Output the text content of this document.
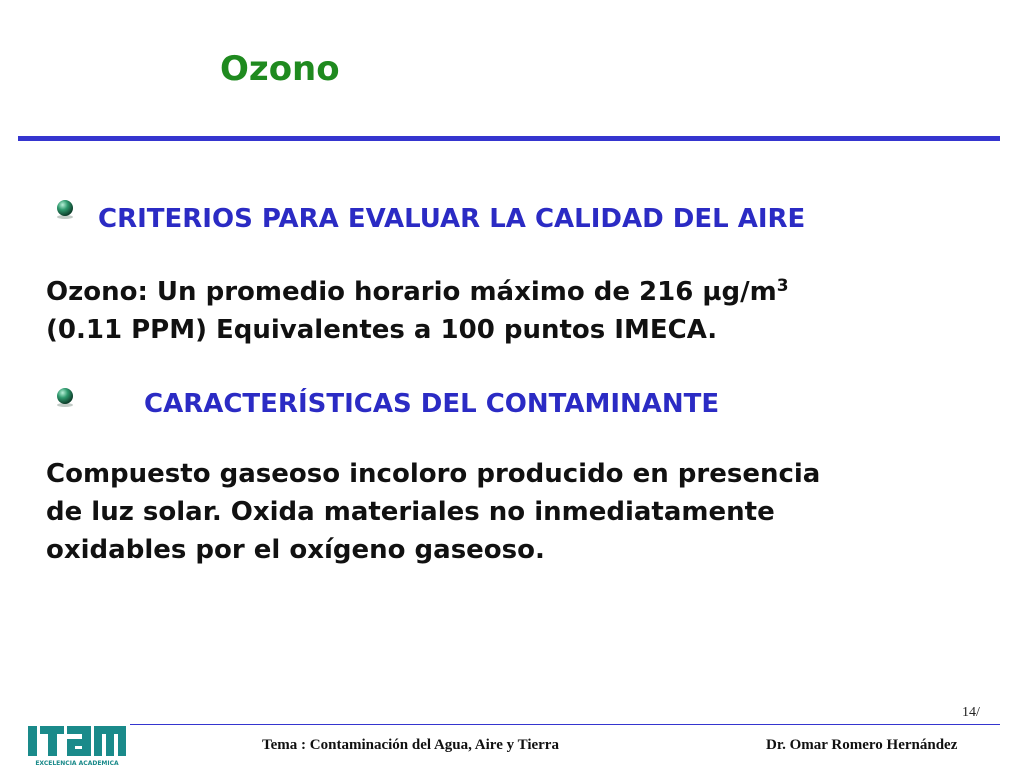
Ozono
CRITERIOS PARA EVALUAR LA CALIDAD DEL AIRE
Ozono: Un promedio horario máximo de 216 $\mu g/m^3$
(0.11 PPM) Equivalentes a 100 puntos IMECA.
CARACTERÍSTICAS DEL CONTAMINANTE
Compuesto gaseoso incoloro producido en presencia
de luz solar. Oxida materiales no inmediatamente
oxidables por el oxígeno gaseoso.
14/
EXCELENCIA ACADEMICA
Tema : Contaminación del Agua, Aire y Tierra	Dr. Omar Romero Hernández
